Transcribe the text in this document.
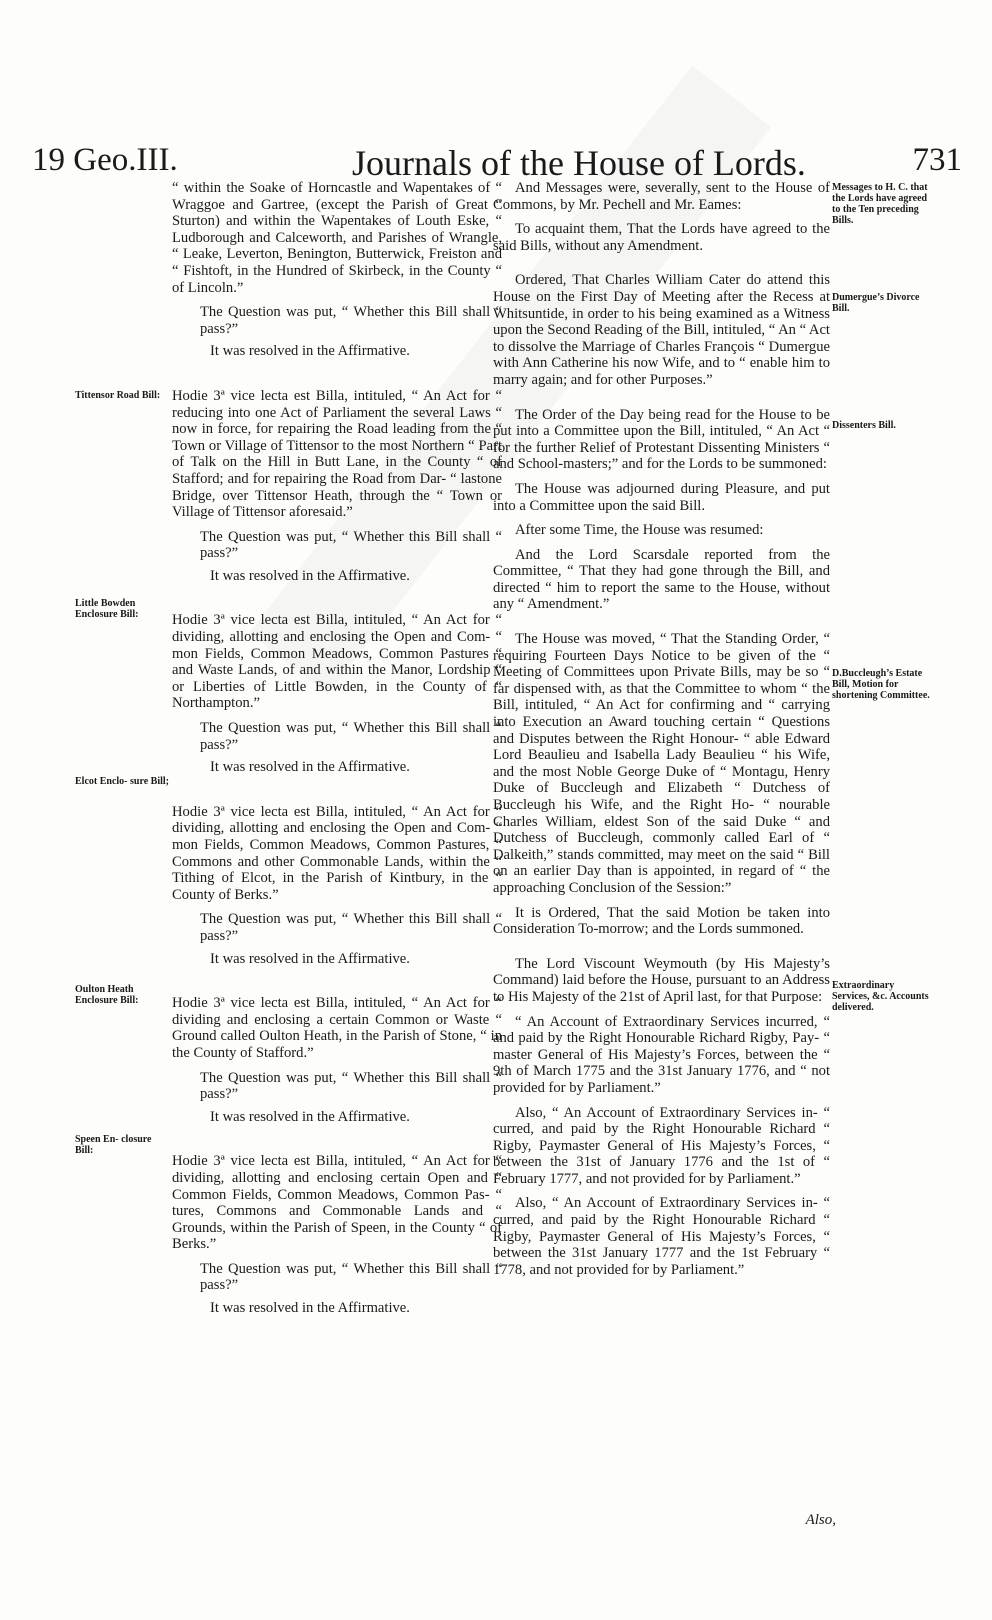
19 Geo.III.	Journals of the House of Lords.	731
Tittensor Road Bill:
Little Bowden Enclosure Bill:
Elcot Enclo- sure Bill;
Oulton Heath Enclosure Bill:
Speen En- closure Bill:

“ within the Soake of Horncastle and Wapentakes of “ Wraggoe and Gartree, (except the Parish of Great “ Sturton) and within the Wapentakes of Louth Eske, “ Ludborough and Calceworth, and Parishes of Wrangle, “ Leake, Leverton, Benington, Butterwick, Freiston and “ Fishtoft, in the Hundred of Skirbeck, in the County “ of Lincoln.”

The Question was put, “ Whether this Bill shall “ pass?”

It was resolved in the Affirmative.

Hodie 3ª vice lecta est Billa, intituled, “ An Act for “ reducing into one Act of Parliament the several Laws “ now in force, for repairing the Road leading from the “ Town or Village of Tittensor to the most Northern “ Part of Talk on the Hill in Butt Lane, in the County “ of Stafford; and for repairing the Road from Dar- “ lastone Bridge, over Tittensor Heath, through the “ Town or Village of Tittensor aforesaid.”

The Question was put, “ Whether this Bill shall “ pass?”

It was resolved in the Affirmative.

Hodie 3ª vice lecta est Billa, intituled, “ An Act for “ dividing, allotting and enclosing the Open and Com- “ mon Fields, Common Meadows, Common Pastures “ and Waste Lands, of and within the Manor, Lordship “ or Liberties of Little Bowden, in the County of “ Northampton.”

The Question was put, “ Whether this Bill shall “ pass?”

It was resolved in the Affirmative.

Hodie 3ª vice lecta est Billa, intituled, “ An Act for “ dividing, allotting and enclosing the Open and Com- “ mon Fields, Common Meadows, Common Pastures, “ Commons and other Commonable Lands, within the “ Tithing of Elcot, in the Parish of Kintbury, in the “ County of Berks.”

The Question was put, “ Whether this Bill shall “ pass?”

It was resolved in the Affirmative.

Hodie 3ª vice lecta est Billa, intituled, “ An Act for “ dividing and enclosing a certain Common or Waste “ Ground called Oulton Heath, in the Parish of Stone, “ in the County of Stafford.”

The Question was put, “ Whether this Bill shall “ pass?”

It was resolved in the Affirmative.

Hodie 3ª vice lecta est Billa, intituled, “ An Act for “ dividing, allotting and enclosing certain Open and “ Common Fields, Common Meadows, Common Pas- “ tures, Commons and Commonable Lands and “ Grounds, within the Parish of Speen, in the County “ of Berks.”

The Question was put, “ Whether this Bill shall “ pass?”

It was resolved in the Affirmative.

Messages to H. C. that the Lords have agreed to the Ten preceding Bills.
Dumergue’s Divorce Bill.
Dissenters Bill.
D.Buccleugh’s Estate Bill, Motion for shortening Committee.
Extraordinary Services, &c. Accounts delivered.

And Messages were, severally, sent to the House of Commons, by Mr. Pechell and Mr. Eames:

To acquaint them, That the Lords have agreed to the said Bills, without any Amendment.

Ordered, That Charles William Cater do attend this House on the First Day of Meeting after the Recess at Whitsuntide, in order to his being examined as a Witness upon the Second Reading of the Bill, intituled, “ An “ Act to dissolve the Marriage of Charles François “ Dumergue with Ann Catherine his now Wife, and to “ enable him to marry again; and for other Purposes.”

The Order of the Day being read for the House to be put into a Committee upon the Bill, intituled, “ An Act “ for the further Relief of Protestant Dissenting Ministers “ and School-masters;” and for the Lords to be summoned:

The House was adjourned during Pleasure, and put into a Committee upon the said Bill.

After some Time, the House was resumed:

And the Lord Scarsdale reported from the Committee, “ That they had gone through the Bill, and directed “ him to report the same to the House, without any “ Amendment.”

The House was moved, “ That the Standing Order, “ requiring Fourteen Days Notice to be given of the “ Meeting of Committees upon Private Bills, may be so “ far dispensed with, as that the Committee to whom “ the Bill, intituled, “ An Act for confirming and “ carrying into Execution an Award touching certain “ Questions and Disputes between the Right Honour- “ able Edward Lord Beaulieu and Isabella Lady Beaulieu “ his Wife, and the most Noble George Duke of “ Montagu, Henry Duke of Buccleugh and Elizabeth “ Dutchess of Buccleugh his Wife, and the Right Ho- “ nourable Charles William, eldest Son of the said Duke “ and Dutchess of Buccleugh, commonly called Earl of “ Dalkeith,” stands committed, may meet on the said “ Bill on an earlier Day than is appointed, in regard of “ the approaching Conclusion of the Session:”

It is Ordered, That the said Motion be taken into Consideration To-morrow; and the Lords summoned.

The Lord Viscount Weymouth (by His Majesty’s Command) laid before the House, pursuant to an Address to His Majesty of the 21st of April last, for that Purpose:

“ An Account of Extraordinary Services incurred, “ and paid by the Right Honourable Richard Rigby, Pay- “ master General of His Majesty’s Forces, between the “ 9th of March 1775 and the 31st January 1776, and “ not provided for by Parliament.”

Also, “ An Account of Extraordinary Services in- “ curred, and paid by the Right Honourable Richard “ Rigby, Paymaster General of His Majesty’s Forces, “ between the 31st of January 1776 and the 1st of “ February 1777, and not provided for by Parliament.”

Also, “ An Account of Extraordinary Services in- “ curred, and paid by the Right Honourable Richard “ Rigby, Paymaster General of His Majesty’s Forces, “ between the 31st January 1777 and the 1st February “ 1778, and not provided for by Parliament.”

Also,
